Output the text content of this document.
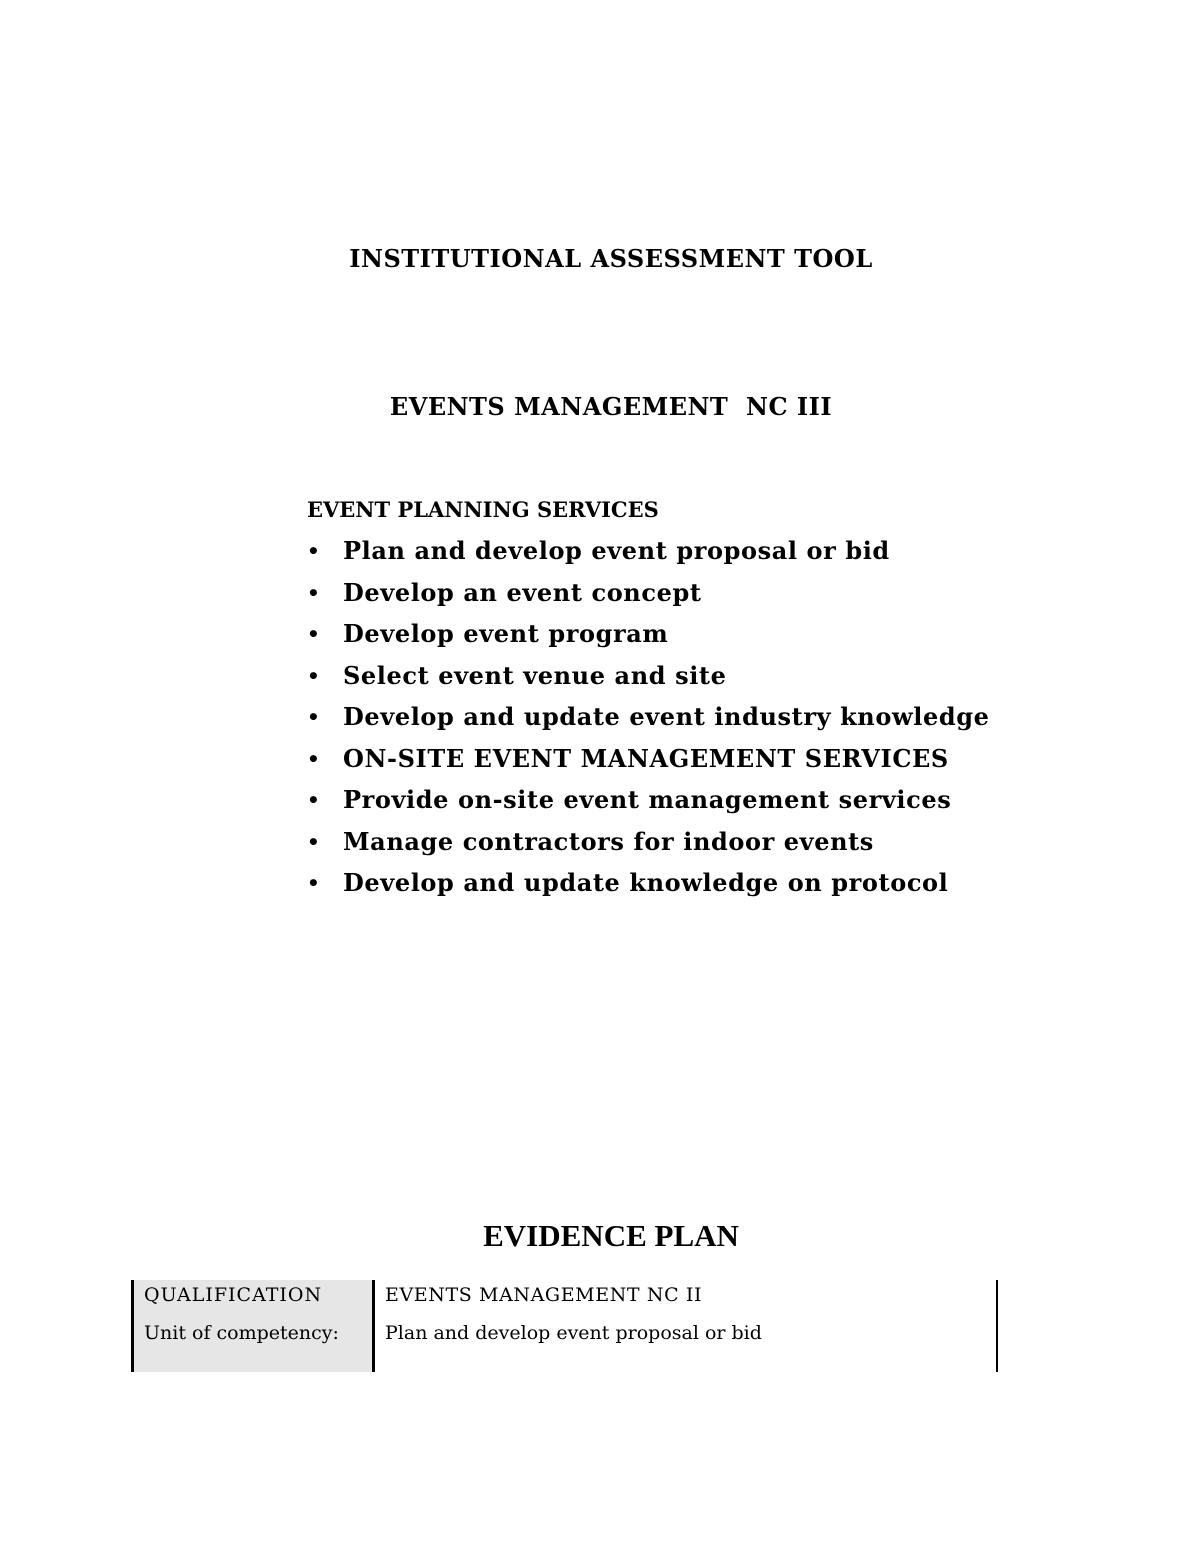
INSTITUTIONAL ASSESSMENT TOOL
EVENTS MANAGEMENT  NC III
EVENT PLANNING SERVICES
• Plan and develop event proposal or bid
• Develop an event concept
• Develop event program
• Select event venue and site
• Develop and update event industry knowledge
• ON-SITE EVENT MANAGEMENT SERVICES
• Provide on-site event management services
• Manage contractors for indoor events
• Develop and update knowledge on protocol
EVIDENCE PLAN
QUALIFICATION	EVENTS MANAGEMENT NC II
Unit of competency:	Plan and develop event proposal or bid
